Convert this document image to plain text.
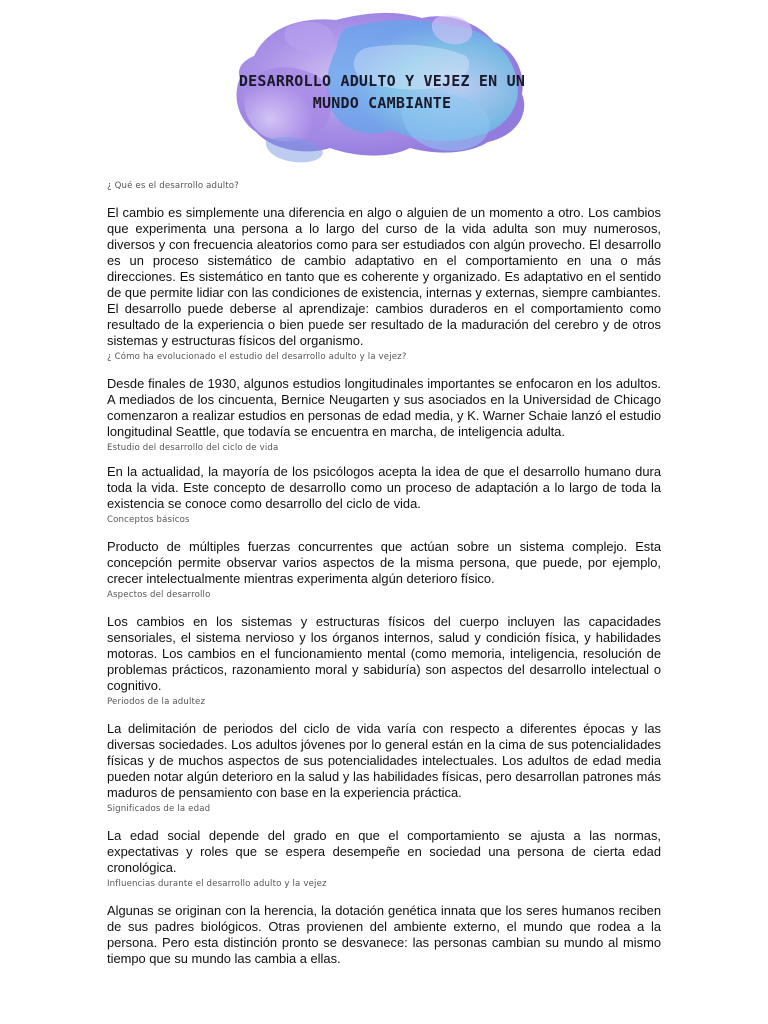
DESARROLLO ADULTO Y VEJEZ EN UN
MUNDO CAMBIANTE

¿ Qué es el desarrollo adulto?

El cambio es simplemente una diferencia en algo o alguien de un momento a otro. Los cambios que experimenta una persona a lo largo del curso de la vida adulta son muy numerosos, diversos y con frecuencia aleatorios como para ser estudiados con algún provecho. El desarrollo es un proceso sistemático de cambio adaptativo en el comportamiento en una o más direcciones. Es sistemático en tanto que es coherente y organizado. Es adaptativo en el sentido de que permite lidiar con las condiciones de existencia, internas y externas, siempre cambiantes. El desarrollo puede deberse al aprendizaje: cambios duraderos en el comportamiento como resultado de la experiencia o bien puede ser resultado de la maduración del cerebro y de otros sistemas y estructuras físicos del organismo.

¿ Cómo ha evolucionado el estudio del desarrollo adulto y la vejez?

Desde finales de 1930, algunos estudios longitudinales importantes se enfocaron en los adultos. A mediados de los cincuenta, Bernice Neugarten y sus asociados en la Universidad de Chicago comenzaron a realizar estudios en personas de edad media, y K. Warner Schaie lanzó el estudio longitudinal Seattle, que todavía se encuentra en marcha, de inteligencia adulta.

Estudio del desarrollo del ciclo de vida

En la actualidad, la mayoría de los psicólogos acepta la idea de que el desarrollo humano dura toda la vida. Este concepto de desarrollo como un proceso de adaptación a lo largo de toda la existencia se conoce como desarrollo del ciclo de vida.

Conceptos básicos

Producto de múltiples fuerzas concurrentes que actúan sobre un sistema complejo. Esta concepción permite observar varios aspectos de la misma persona, que puede, por ejemplo, crecer intelectualmente mientras experimenta algún deterioro físico.

Aspectos del desarrollo

Los cambios en los sistemas y estructuras físicos del cuerpo incluyen las capacidades sensoriales, el sistema nervioso y los órganos internos, salud y condición física, y habilidades motoras. Los cambios en el funcionamiento mental (como memoria, inteligencia, resolución de problemas prácticos, razonamiento moral y sabiduría) son aspectos del desarrollo intelectual o cognitivo.

Periodos de la adultez

La delimitación de periodos del ciclo de vida varía con respecto a diferentes épocas y las diversas sociedades. Los adultos jóvenes por lo general están en la cima de sus potencialidades físicas y de muchos aspectos de sus potencialidades intelectuales. Los adultos de edad media pueden notar algún deterioro en la salud y las habilidades físicas, pero desarrollan patrones más maduros de pensamiento con base en la experiencia práctica.

Significados de la edad

La edad social depende del grado en que el comportamiento se ajusta a las normas, expectativas y roles que se espera desempeñe en sociedad una persona de cierta edad cronológica.

Influencias durante el desarrollo adulto y la vejez

Algunas se originan con la herencia, la dotación genética innata que los seres humanos reciben de sus padres biológicos. Otras provienen del ambiente externo, el mundo que rodea a la persona. Pero esta distinción pronto se desvanece: las personas cambian su mundo al mismo tiempo que su mundo las cambia a ellas.
